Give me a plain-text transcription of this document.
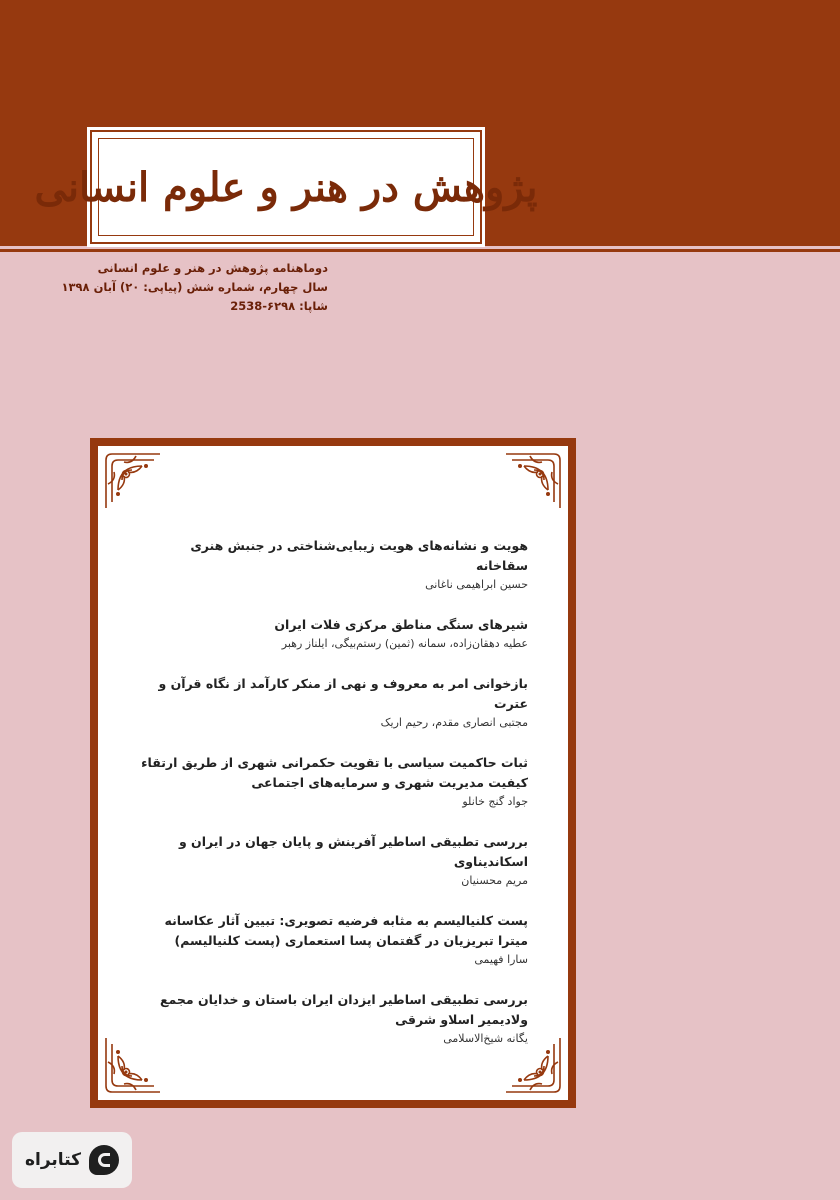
پژوهش در هنر و علوم انسانی
دوماهنامه پژوهش در هنر و علوم انسانی
سال چهارم، شماره شش (پیاپی: ۲۰) آبان ۱۳۹۸
شاپا: ۶۲۹۸-2538
هویت و نشانه‌های هویت زیبایی‌شناختی در جنبش هنری سقاخانه
حسین ابراهیمی ناغانی
شیرهای سنگی مناطق مرکزی فلات ایران
عطیه دهقان‌زاده، سمانه (ثمین) رستم‌بیگی، ایلناز رهبر
بازخوانی امر به معروف و نهی از منکر کارآمد از نگاه قرآن و عترت
مجتبی انصاری مقدم، رحیم اریک
ثبات حاکمیت سیاسی با تقویت حکمرانی شهری از طریق ارتقاء کیفیت مدیریت شهری و سرمایه‌های اجتماعی
جواد گنج خانلو
بررسی تطبیقی اساطیر آفرینش و پایان جهان در ایران و اسکاندیناوی
مریم محسنیان
پست کلنیالیسم به مثابه فرضیه تصویری: تبیین آثار عکاسانه میترا تبریزیان در گفتمان پسا استعماری (پست کلنیالیسم)
سارا فهیمی
بررسی تطبیقی اساطیر ایزدان ایران باستان و خدایان مجمع ولادیمیر اسلاو شرقی
یگانه شیخ‌الاسلامی
کتابراه
